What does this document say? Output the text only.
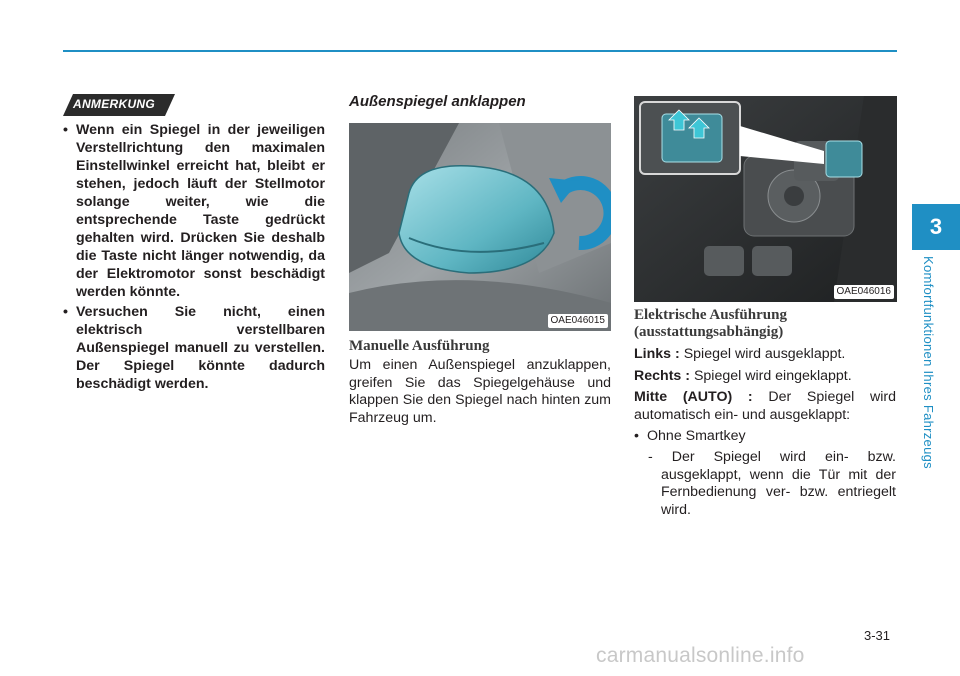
3
Komfortfunktionen Ihres Fahrzeugs
ANMERKUNG
• Wenn ein Spiegel in der jeweiligen Verstellrichtung den maximalen Einstellwinkel erreicht hat, bleibt er stehen, jedoch läuft der Stellmotor solange weiter, wie die entsprechende Taste gedrückt gehalten wird. Drücken Sie deshalb die Taste nicht länger notwendig, da der Elektromotor sonst beschädigt werden könnte.
• Versuchen Sie nicht, einen elektrisch verstellbaren Außenspiegel manuell zu verstellen. Der Spiegel könnte dadurch beschädigt werden.
Außenspiegel anklappen
OAE046015
Manuelle Ausführung
Um einen Außenspiegel anzuklappen, greifen Sie das Spiegelgehäuse und klappen Sie den Spiegel nach hinten zum Fahrzeug um.
OAE046016
Elektrische Ausführung
(ausstattungsabhängig)
Links : Spiegel wird ausgeklappt.
Rechts : Spiegel wird eingeklappt.
Mitte (AUTO) : Der Spiegel wird automatisch ein- und ausgeklappt:
• Ohne Smartkey
- Der Spiegel wird ein- bzw. ausgeklappt, wenn die Tür mit der Fernbedienung ver- bzw. entriegelt wird.
3-31
carmanualsonline.info
